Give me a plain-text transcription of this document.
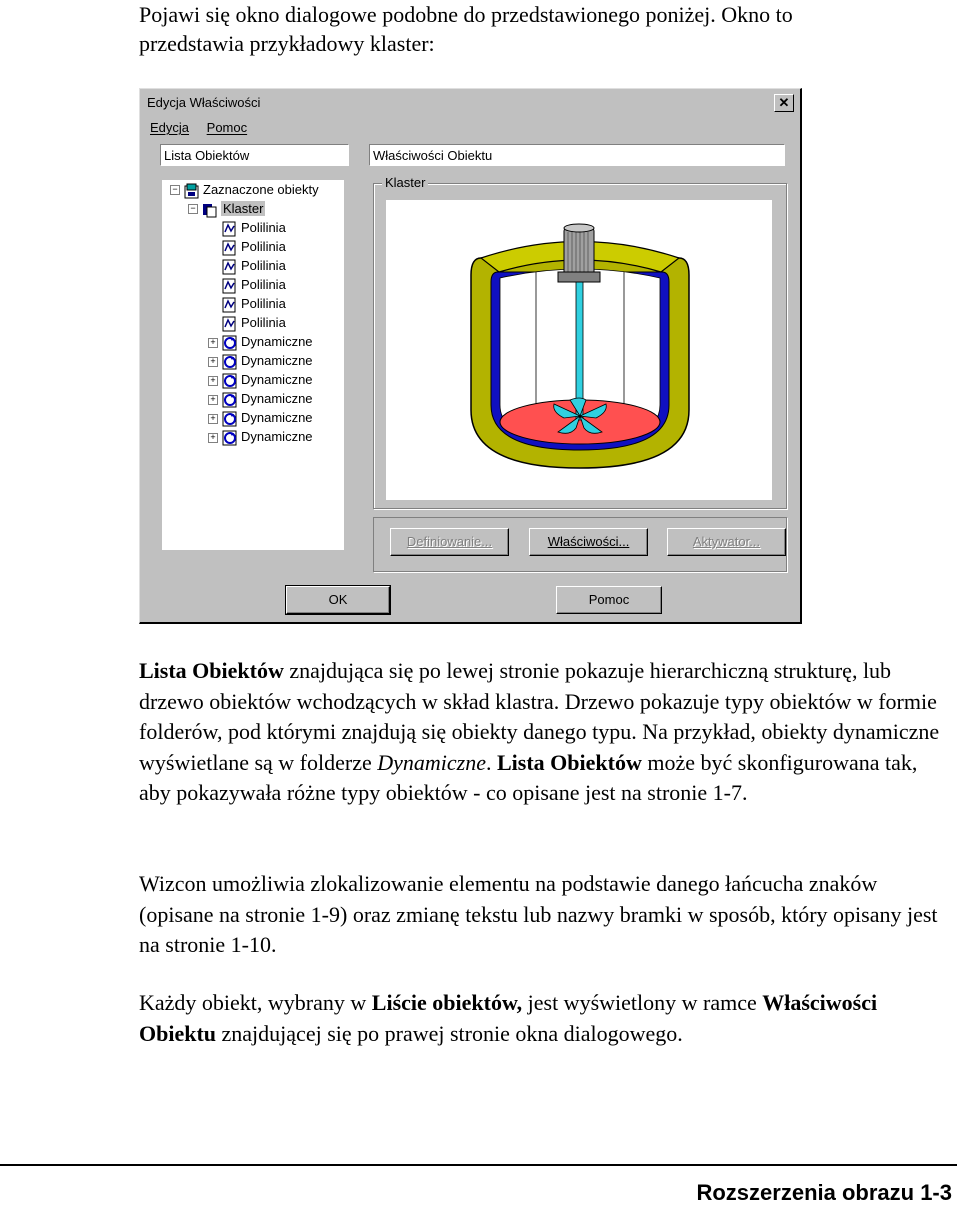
Pojawi się okno dialogowe podobne do przedstawionego poniżej. Okno to
przedstawia przykładowy klaster:
Edycja Właściwości	✕
Edycja Pomoc
Lista Obiektów	Właściwości Obiektu
−	Zaznaczone obiekty
−	Klaster
Polilinia
Polilinia
Polilinia
Polilinia
Polilinia
Polilinia
+	Dynamiczne
+	Dynamiczne
+	Dynamiczne
+	Dynamiczne
+	Dynamiczne
+	Dynamiczne
Klaster
Definiowanie...	Właściwości...	Aktywator...
OK	Pomoc
Lista Obiektów znajdująca się po lewej stronie pokazuje hierarchiczną strukturę, lub drzewo obiektów wchodzących w skład klastra. Drzewo pokazuje typy obiektów w formie folderów, pod którymi znajdują się obiekty danego typu. Na przykład, obiekty dynamiczne wyświetlane są w folderze Dynamiczne. Lista Obiektów może być skonfigurowana tak, aby pokazywała różne typy obiektów - co opisane jest na stronie 1-7.
Wizcon umożliwia zlokalizowanie elementu na podstawie danego łańcucha znaków (opisane na stronie 1-9) oraz zmianę tekstu lub nazwy bramki w sposób, który opisany jest na stronie 1-10.
Każdy obiekt, wybrany w Liście obiektów, jest wyświetlony w ramce Właściwości Obiektu znajdującej się po prawej stronie okna dialogowego.
Rozszerzenia obrazu 1-3
